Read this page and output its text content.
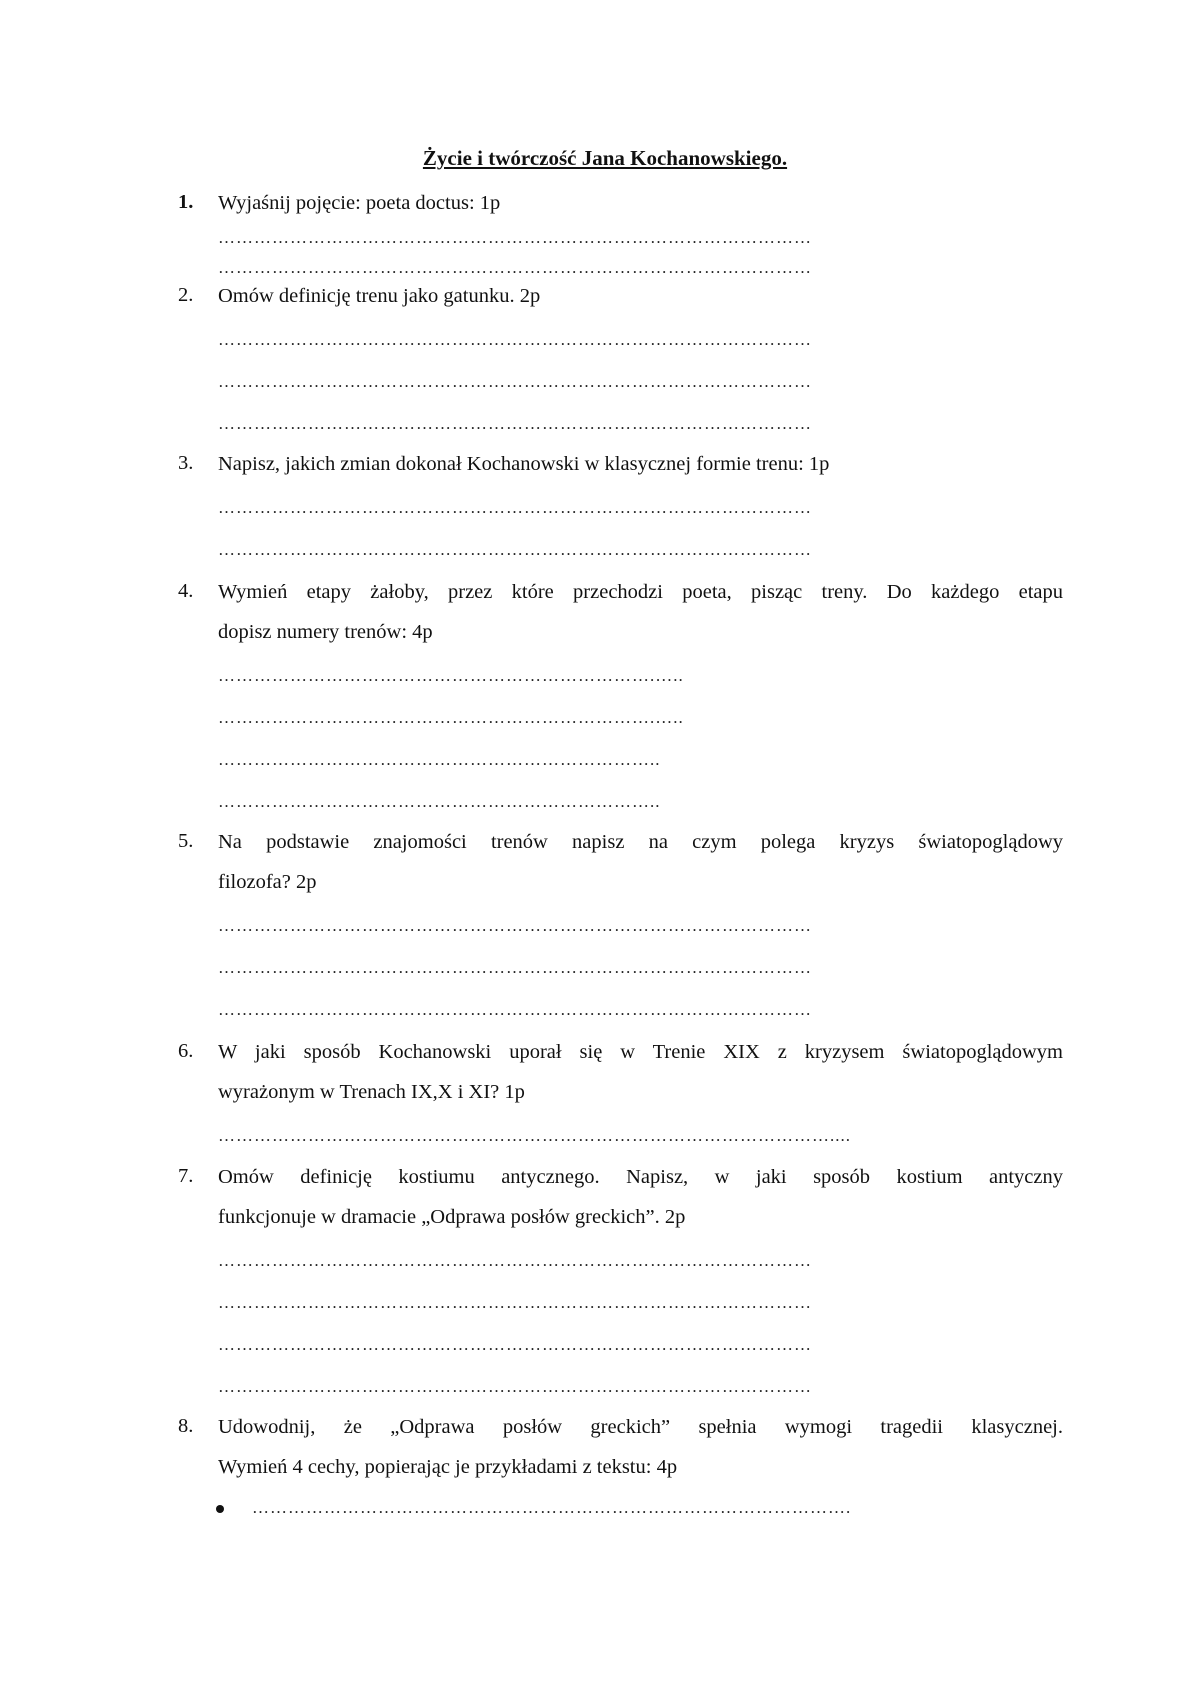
Życie i twórczość Jana Kochanowskiego.
1.	Wyjaśnij pojęcie: poeta doctus: 1p
………………………………………………………………………………………
………………………………………………………………………………………
2.	Omów definicję trenu jako gatunku. 2p
………………………………………………………………………………………
………………………………………………………………………………………
………………………………………………………………………………………
3.	Napisz, jakich zmian dokonał Kochanowski w klasycznej formie trenu: 1p
………………………………………………………………………………………
………………………………………………………………………………………
4.	Wymień etapy żałoby, przez które przechodzi poeta, pisząc treny. Do każdego etapu
dopisz numery trenów: 4p
……………………………………………………………….…..
……………………………………………………………….…..
………………………………………………………………..
………………………………………………………………..
5.	Na podstawie znajomości trenów napisz na czym polega kryzys światopoglądowy
filozofa? 2p
………………………………………………………………………………………
………………………………………………………………………………………
………………………………………………………………………………………
6.	W jaki sposób Kochanowski uporał się w Trenie XIX z kryzysem światopoglądowym
wyrażonym w Trenach IX,X i XI? 1p
…………………………………………………………………………………………....
7.	Omów definicję kostiumu antycznego. Napisz, w jaki sposób kostium antyczny
funkcjonuje w dramacie „Odprawa posłów greckich”. 2p
………………………………………………………………………………………
………………………………………………………………………………………
………………………………………………………………………………………
………………………………………………………………………………………
8.	Udowodnij, że „Odprawa posłów greckich” spełnia wymogi tragedii klasycznej.
Wymień 4 cechy, popierając je przykładami z tekstu: 4p
……………………………………………………………………………………….
